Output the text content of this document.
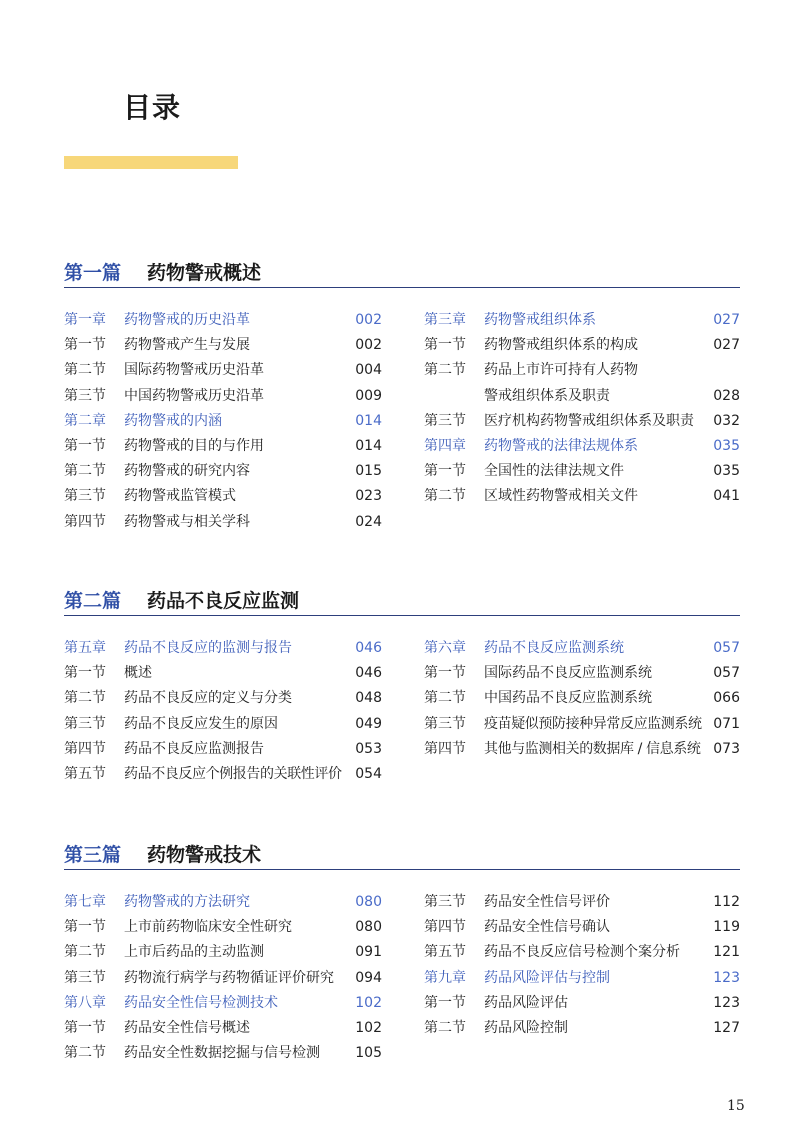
目录
第一篇 药物警戒概述
第一章 药物警戒的历史沿革	002
第一节 药物警戒产生与发展	002
第二节 国际药物警戒历史沿革	004
第三节 中国药物警戒历史沿革	009
第二章 药物警戒的内涵	014
第一节 药物警戒的目的与作用	014
第二节 药物警戒的研究内容	015
第三节 药物警戒监管模式	023
第四节 药物警戒与相关学科	024
第三章 药物警戒组织体系	027
第一节 药物警戒组织体系的构成	027
第二节 药品上市许可持有人药物
警戒组织体系及职责	028
第三节 医疗机构药物警戒组织体系及职责 032
第四章 药物警戒的法律法规体系	035
第一节 全国性的法律法规文件	035
第二节 区域性药物警戒相关文件	041
第二篇 药品不良反应监测
第五章 药品不良反应的监测与报告	046
第一节 概述	046
第二节 药品不良反应的定义与分类	048
第三节 药品不良反应发生的原因	049
第四节 药品不良反应监测报告	053
第五节 药品不良反应个例报告的关联性评价 054
第六章 药品不良反应监测系统	057
第一节 国际药品不良反应监测系统	057
第二节 中国药品不良反应监测系统	066
第三节 疫苗疑似预防接种异常反应监测系统 071
第四节 其他与监测相关的数据库 / 信息系统 073
第三篇 药物警戒技术
第七章 药物警戒的方法研究	080
第一节 上市前药物临床安全性研究	080
第二节 上市后药品的主动监测	091
第三节 药物流行病学与药物循证评价研究 094
第八章 药品安全性信号检测技术	102
第一节 药品安全性信号概述	102
第二节 药品安全性数据挖掘与信号检测	105
第三节 药品安全性信号评价	112
第四节 药品安全性信号确认	119
第五节 药品不良反应信号检测个案分析 121
第九章 药品风险评估与控制	123
第一节 药品风险评估	123
第二节 药品风险控制	127
15
